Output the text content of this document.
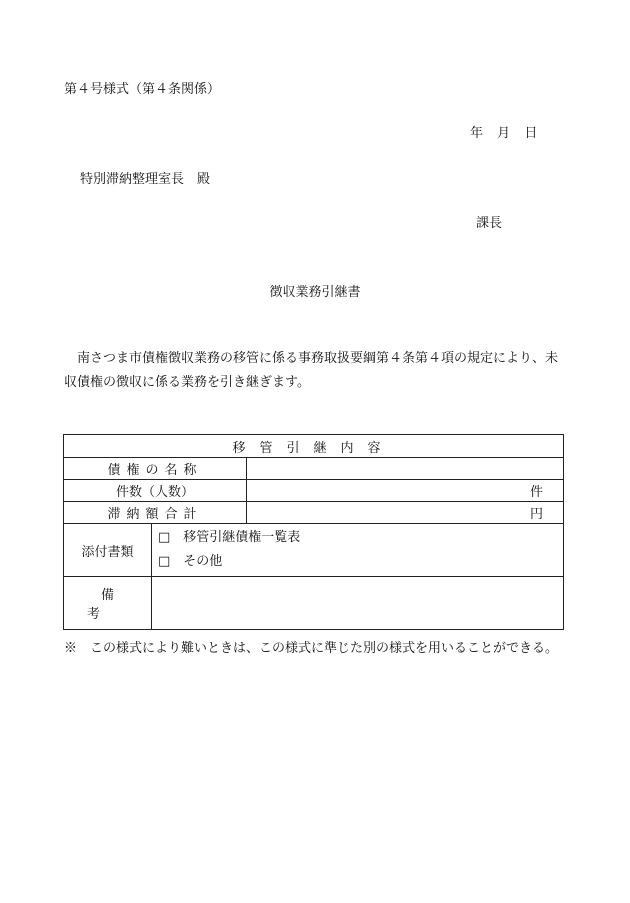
第４号様式（第４条関係）
年 月 日
特別滞納整理室長　殿
課長
徴収業務引継書
南さつま市債権徴収業務の移管に係る事務取扱要綱第４条第４項の規定により、未収債権の徴収に係る業務を引き継ぎます。
移管引継内容		
債権の名称		
件数（人数）		件
滞納額合計		円
添付書類	□　移管引継債権一覧表
□　その他	

備考		
※　この様式により難いときは、この様式に準じた別の様式を用いることができる。
